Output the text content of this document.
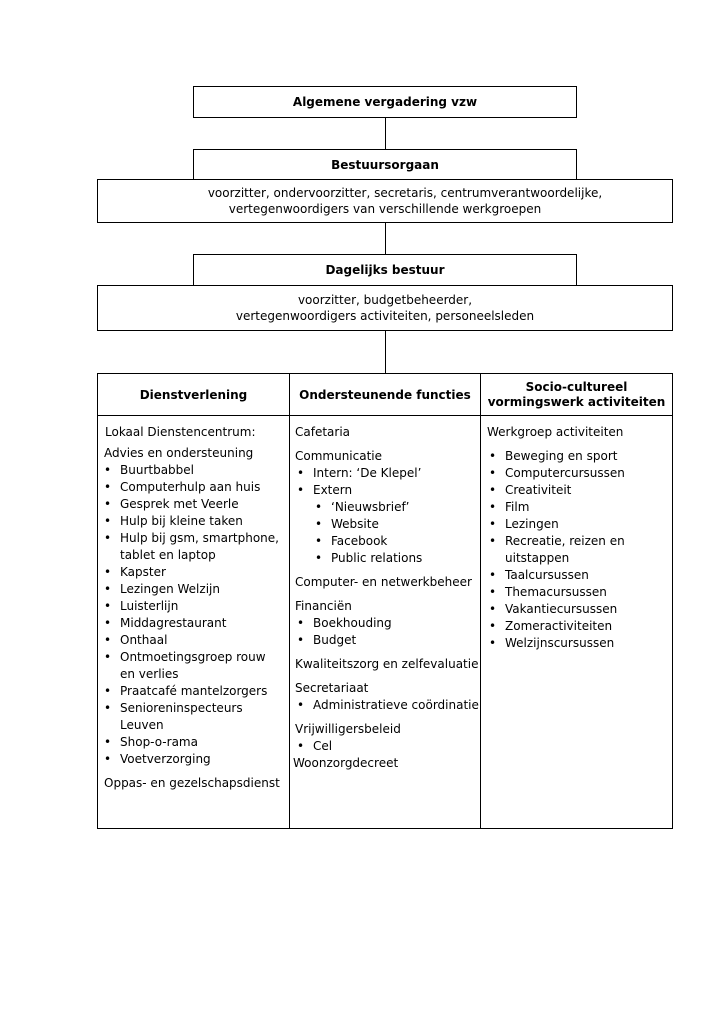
Algemene vergadering vzw
Bestuursorgaan
voorzitter, ondervoorzitter, secretaris, centrumverantwoordelijke,
vertegenwoordigers van verschillende werkgroepen
Dagelijks bestuur
voorzitter, budgetbeheerder,
vertegenwoordigers activiteiten, personeelsleden
Dienstverlening	Ondersteunende functies
Socio-cultureel
vormingswerk activiteiten
Lokaal Dienstencentrum:
Advies en ondersteuning
• Buurtbabbel
• Computerhulp aan huis
• Gesprek met Veerle
• Hulp bij kleine taken
• Hulp bij gsm, smartphone,
tablet en laptop
• Kapster
• Lezingen Welzijn
• Luisterlijn
• Middagrestaurant
• Onthaal
• Ontmoetingsgroep rouw
en verlies
• Praatcafé mantelzorgers
• Senioreninspecteurs Leuven
• Shop-o-rama
• Voetverzorging
Oppas- en gezelschapsdienst
Cafetaria
Communicatie
• Intern: ‘De Klepel’
• Extern
• ‘Nieuwsbrief’
• Website
• Facebook
• Public relations
Computer- en netwerkbeheer
Financiën
• Boekhouding
• Budget
Kwaliteitszorg en zelfevaluatie
Secretariaat
• Administratieve coördinatie
Vrijwilligersbeleid
• Cel
Woonzorgdecreet
Werkgroep activiteiten
• Beweging en sport
• Computercursussen
• Creativiteit
• Film
• Lezingen
• Recreatie, reizen en
uitstappen
• Taalcursussen
• Themacursussen
• Vakantiecursussen
• Zomeractiviteiten
• Welzijnscursussen
